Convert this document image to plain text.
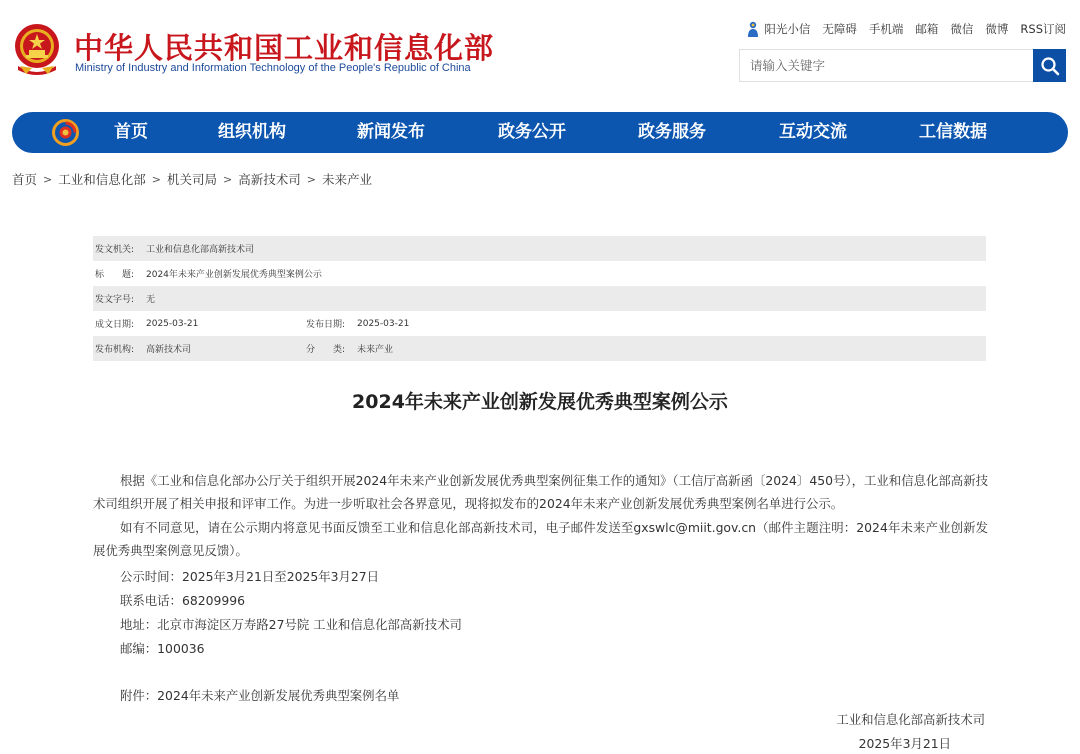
中华人民共和国工业和信息化部
Ministry of Industry and Information Technology of the People's Republic of China
阳光小信 无障碍 手机端 邮箱 微信 微博 RSS订阅
请输入关键字
首页	组织机构	新闻发布	政务公开	政务服务	互动交流	工信数据
首页 > 工业和信息化部 > 机关司局 > 高新技术司 > 未来产业
发文机关: 工业和信息化部高新技术司
标　　题: 2024年未来产业创新发展优秀典型案例公示
发文字号: 无
成文日期: 2025-03-21	发布日期: 2025-03-21
发布机构: 高新技术司	分　　类: 未来产业
2024年未来产业创新发展优秀典型案例公示
根据《工业和信息化部办公厅关于组织开展2024年未来产业创新发展优秀典型案例征集工作的通知》（工信厅高新函〔2024〕450号），工业和信息化部高新技术司组织开展了相关申报和评审工作。为进一步听取社会各界意见，现将拟发布的2024年未来产业创新发展优秀典型案例名单进行公示。
如有不同意见，请在公示期内将意见书面反馈至工业和信息化部高新技术司，电子邮件发送至gxswlc@miit.gov.cn（邮件主题注明：2024年未来产业创新发展优秀典型案例意见反馈）。
公示时间：2025年3月21日至2025年3月27日
联系电话：68209996
地址：北京市海淀区万寿路27号院 工业和信息化部高新技术司
邮编：100036
附件：2024年未来产业创新发展优秀典型案例名单
工业和信息化部高新技术司
2025年3月21日
